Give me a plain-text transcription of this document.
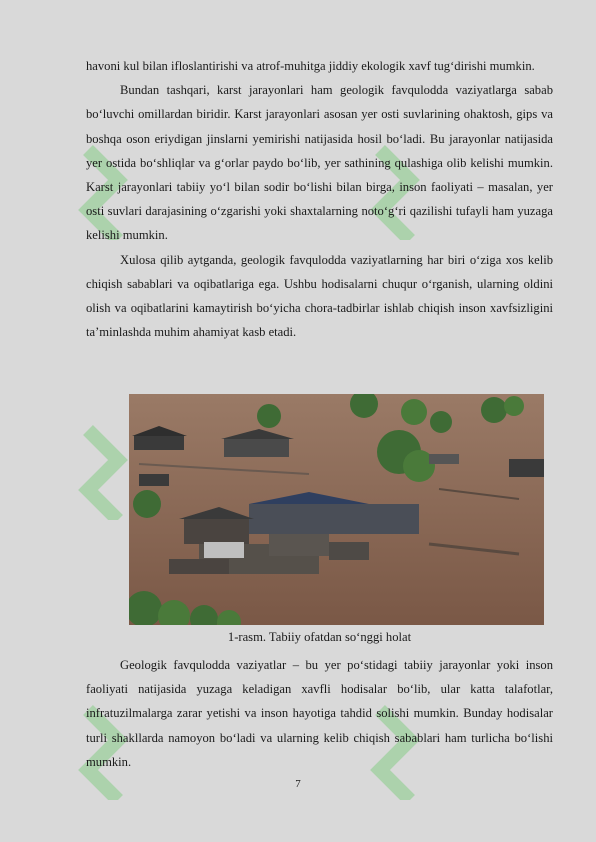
havoni kul bilan ifloslantirishi va atrof-muhitga jiddiy ekologik xavf tug‘dirishi mumkin.

Bundan tashqari, karst jarayonlari ham geologik favqulodda vaziyatlarga sabab bo‘luvchi omillardan biridir. Karst jarayonlari asosan yer osti suvlarining ohaktosh, gips va boshqa oson eriydigan jinslarni yemirishi natijasida hosil bo‘ladi. Bu jarayonlar natijasida yer ostida bo‘shliqlar va g‘orlar paydo bo‘lib, yer sathining qulashiga olib kelishi mumkin. Karst jarayonlari tabiiy yo‘l bilan sodir bo‘lishi bilan birga, inson faoliyati – masalan, yer osti suvlari darajasining o‘zgarishi yoki shaxtalarning noto‘g‘ri qazilishi tufayli ham yuzaga kelishi mumkin.

Xulosa qilib aytganda, geologik favqulodda vaziyatlarning har biri o‘ziga xos kelib chiqish sabablari va oqibatlariga ega. Ushbu hodisalarni chuqur o‘rganish, ularning oldini olish va oqibatlarini kamaytirish bo‘yicha chora-tadbirlar ishlab chiqish inson xavfsizligini ta’minlashda muhim ahamiyat kasb etadi.

1-rasm. Tabiiy ofatdan so‘nggi holat

Geologik favqulodda vaziyatlar – bu yer po‘stidagi tabiiy jarayonlar yoki inson faoliyati natijasida yuzaga keladigan xavfli hodisalar bo‘lib, ular katta talafotlar, infratuzilmalarga zarar yetishi va inson hayotiga tahdid solishi mumkin. Bunday hodisalar turli shakllarda namoyon bo‘ladi va ularning kelib chiqish sabablari ham turlicha bo‘lishi mumkin.

7
